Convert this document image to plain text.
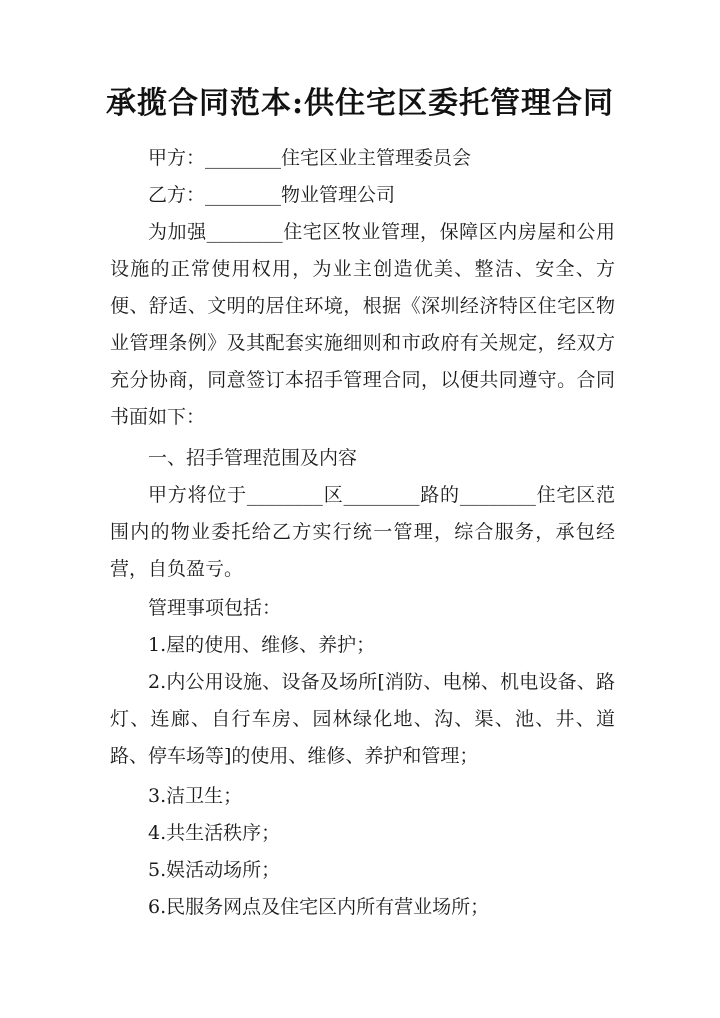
承揽合同范本:供住宅区委托管理合同

甲方：________住宅区业主管理委员会

乙方：________物业管理公司

为加强________住宅区牧业管理，保障区内房屋和公用设施的正常使用权用，为业主创造优美、整洁、安全、方便、舒适、文明的居住环境，根据《深圳经济特区住宅区物业管理条例》及其配套实施细则和市政府有关规定，经双方充分协商，同意签订本招手管理合同，以便共同遵守。合同书面如下：

一、招手管理范围及内容

甲方将位于________区________路的________住宅区范围内的物业委托给乙方实行统一管理，综合服务，承包经营，自负盈亏。

管理事项包括：

1.屋的使用、维修、养护；

2.内公用设施、设备及场所[消防、电梯、机电设备、路灯、连廊、自行车房、园林绿化地、沟、渠、池、井、道路、停车场等]的使用、维修、养护和管理；

3.洁卫生；

4.共生活秩序；

5.娱活动场所；

6.民服务网点及住宅区内所有营业场所；
